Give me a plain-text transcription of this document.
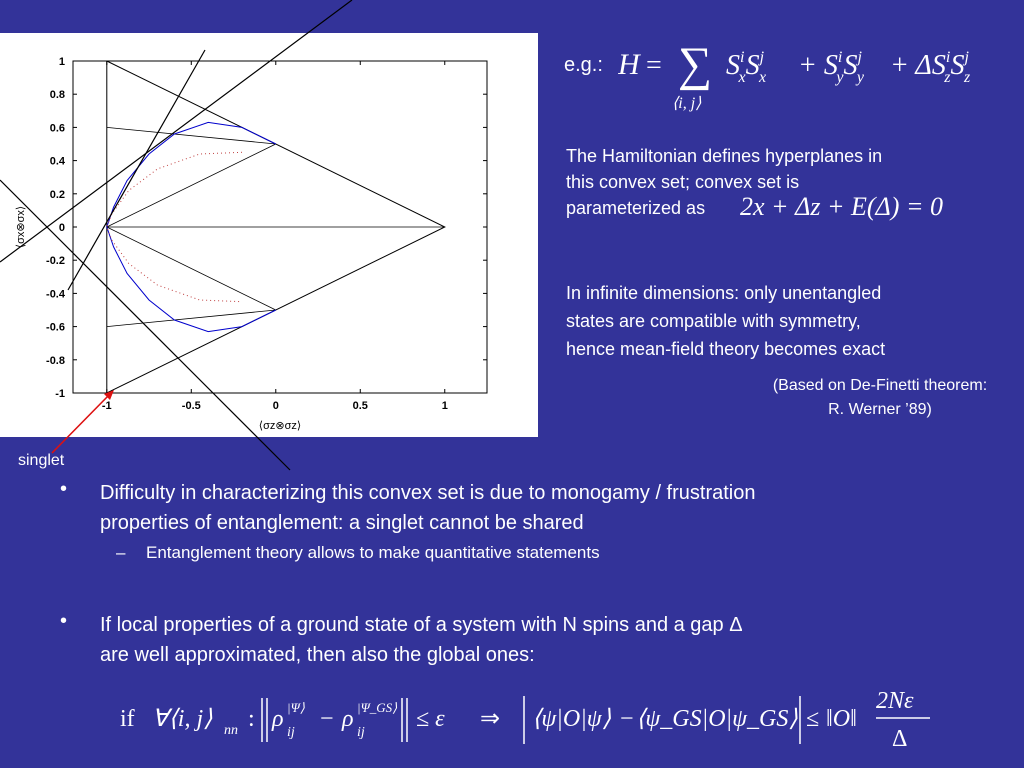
-1	-0.5	0	0.5	1
1
0.8
0.6
0.4
0.2
0
-0.2
-0.4
-0.6
-0.8
-1
⟨σz⊗σz⟩
⟨σx⊗σx⟩
e.g.: H = ∑
⟨i, j⟩
$S^i$ $xS^j$ $x + S^i$ $yS^j$ $y + \Delta S^i$ $zS^j$ z
The Hamiltonian defines hyperplanes in
this convex set; convex set is
parameterized as	2x + Δz + E(Δ) = 0
In infinite dimensions: only unentangled
states are compatible with symmetry,
hence mean-field theory becomes exact
(Based on De-Finetti theorem:
R. Werner ’89)
singlet
• Difficulty in characterizing this convex set is due to monogamy / frustration
properties of entanglement: a singlet cannot be shared
– Entanglement theory allows to make quantitative statements
• If local properties of a ground state of a system with N spins and a gap Δ
are well approximated, then also the global ones:
if ∀⟨i, j⟩ nn : ρ |Ψ⟩
ij
− ρ |Ψ_GS⟩
ij
≤ ε ⇒ ⟨ψ|O|ψ⟩ − ⟨ψ_GS|O|ψ_GS⟩ ≤ ‖O‖
2Nε
Δ
